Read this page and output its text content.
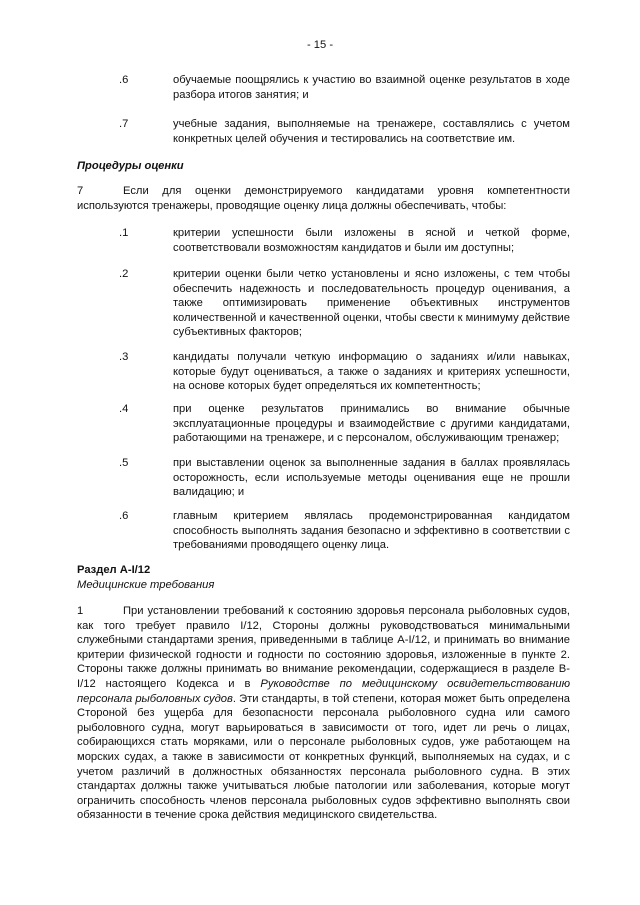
- 15 -
.6	обучаемые поощрялись к участию во взаимной оценке результатов в ходе разбора итогов занятия; и
.7	учебные задания, выполняемые на тренажере, составлялись с учетом конкретных целей обучения и тестировались на соответствие им.
Процедуры оценки
7	Если для оценки демонстрируемого кандидатами уровня компетентности используются тренажеры, проводящие оценку лица должны обеспечивать, чтобы:
.1	критерии успешности были изложены в ясной и четкой форме, соответствовали возможностям кандидатов и были им доступны;
.2	критерии оценки были четко установлены и ясно изложены, с тем чтобы обеспечить надежность и последовательность процедур оценивания, а также оптимизировать применение объективных инструментов количественной и качественной оценки, чтобы свести к минимуму действие субъективных факторов;
.3	кандидаты получали четкую информацию о заданиях и/или навыках, которые будут оцениваться, а также о заданиях и критериях успешности, на основе которых будет определяться их компетентность;
.4	при оценке результатов принимались во внимание обычные эксплуатационные процедуры и взаимодействие с другими кандидатами, работающими на тренажере, и с персоналом, обслуживающим тренажер;
.5	при выставлении оценок за выполненные задания в баллах проявлялась осторожность, если используемые методы оценивания еще не прошли валидацию; и
.6	главным критерием являлась продемонстрированная кандидатом способность выполнять задания безопасно и эффективно в соответствии с требованиями проводящего оценку лица.
Раздел A-I/12
Медицинские требования
1	При установлении требований к состоянию здоровья персонала рыболовных судов, как того требует правило I/12, Стороны должны руководствоваться минимальными служебными стандартами зрения, приведенными в таблице A-I/12, и принимать во внимание критерии физической годности и годности по состоянию здоровья, изложенные в пункте 2. Стороны также должны принимать во внимание рекомендации, содержащиеся в разделе B-I/12 настоящего Кодекса и в Руководстве по медицинскому освидетельствованию персонала рыболовных судов. Эти стандарты, в той степени, которая может быть определена Стороной без ущерба для безопасности персонала рыболовного судна или самого рыболовного судна, могут варьироваться в зависимости от того, идет ли речь о лицах, собирающихся стать моряками, или о персонале рыболовных судов, уже работающем на морских судах, а также в зависимости от конкретных функций, выполняемых на судах, и с учетом различий в должностных обязанностях персонала рыболовного судна. В этих стандартах должны также учитываться любые патологии или заболевания, которые могут ограничить способность членов персонала рыболовных судов эффективно выполнять свои обязанности в течение срока действия медицинского свидетельства.
